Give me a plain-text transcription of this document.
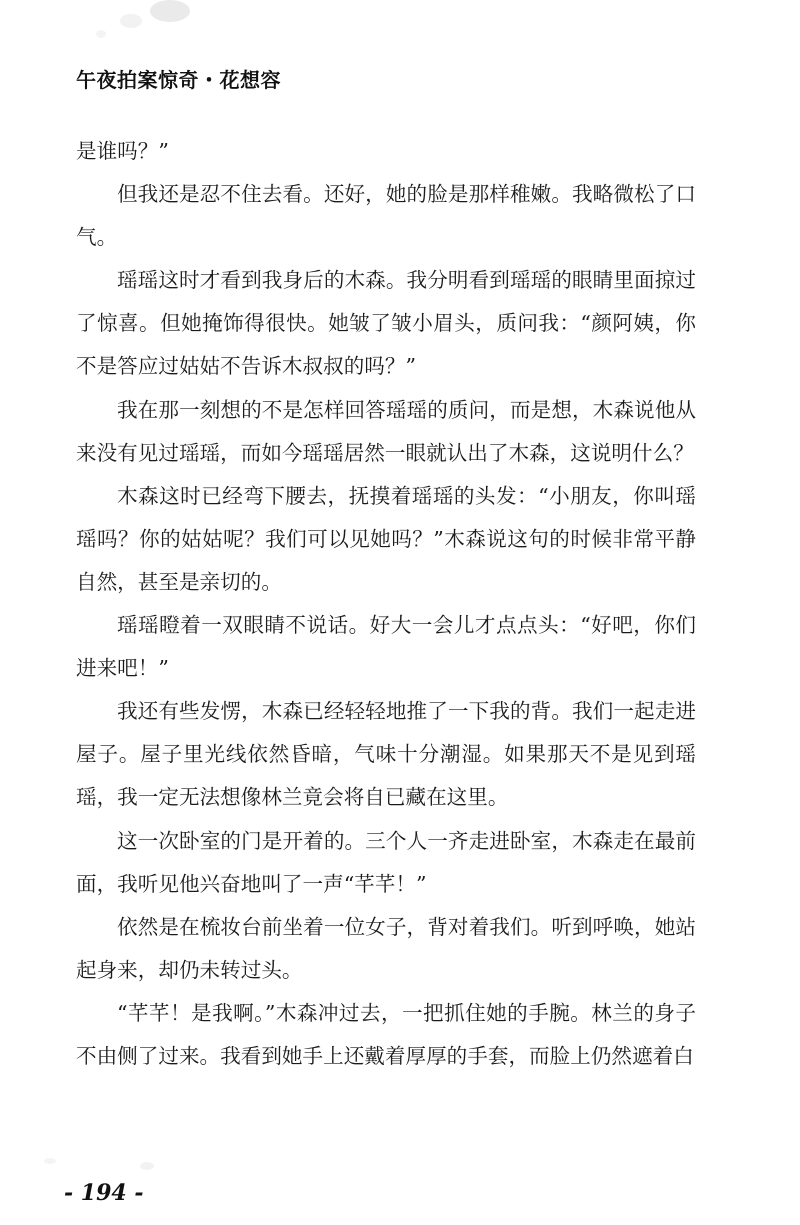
午夜拍案惊奇・花想容

是谁吗？”

但我还是忍不住去看。还好，她的脸是那样稚嫩。我略微松了口气。

瑶瑶这时才看到我身后的木森。我分明看到瑶瑶的眼睛里面掠过了惊喜。但她掩饰得很快。她皱了皱小眉头，质问我：“颜阿姨，你不是答应过姑姑不告诉木叔叔的吗？”

我在那一刻想的不是怎样回答瑶瑶的质问，而是想，木森说他从来没有见过瑶瑶，而如今瑶瑶居然一眼就认出了木森，这说明什么？

木森这时已经弯下腰去，抚摸着瑶瑶的头发：“小朋友，你叫瑶瑶吗？你的姑姑呢？我们可以见她吗？”木森说这句的时候非常平静自然，甚至是亲切的。

瑶瑶瞪着一双眼睛不说话。好大一会儿才点点头：“好吧，你们进来吧！”

我还有些发愣，木森已经轻轻地推了一下我的背。我们一起走进屋子。屋子里光线依然昏暗，气味十分潮湿。如果那天不是见到瑶瑶，我一定无法想像林兰竟会将自已藏在这里。

这一次卧室的门是开着的。三个人一齐走进卧室，木森走在最前面，我听见他兴奋地叫了一声“芊芊！”

依然是在梳妆台前坐着一位女子，背对着我们。听到呼唤，她站起身来，却仍未转过头。

“芊芊！是我啊。”木森冲过去，一把抓住她的手腕。林兰的身子不由侧了过来。我看到她手上还戴着厚厚的手套，而脸上仍然遮着白

- 194 -
